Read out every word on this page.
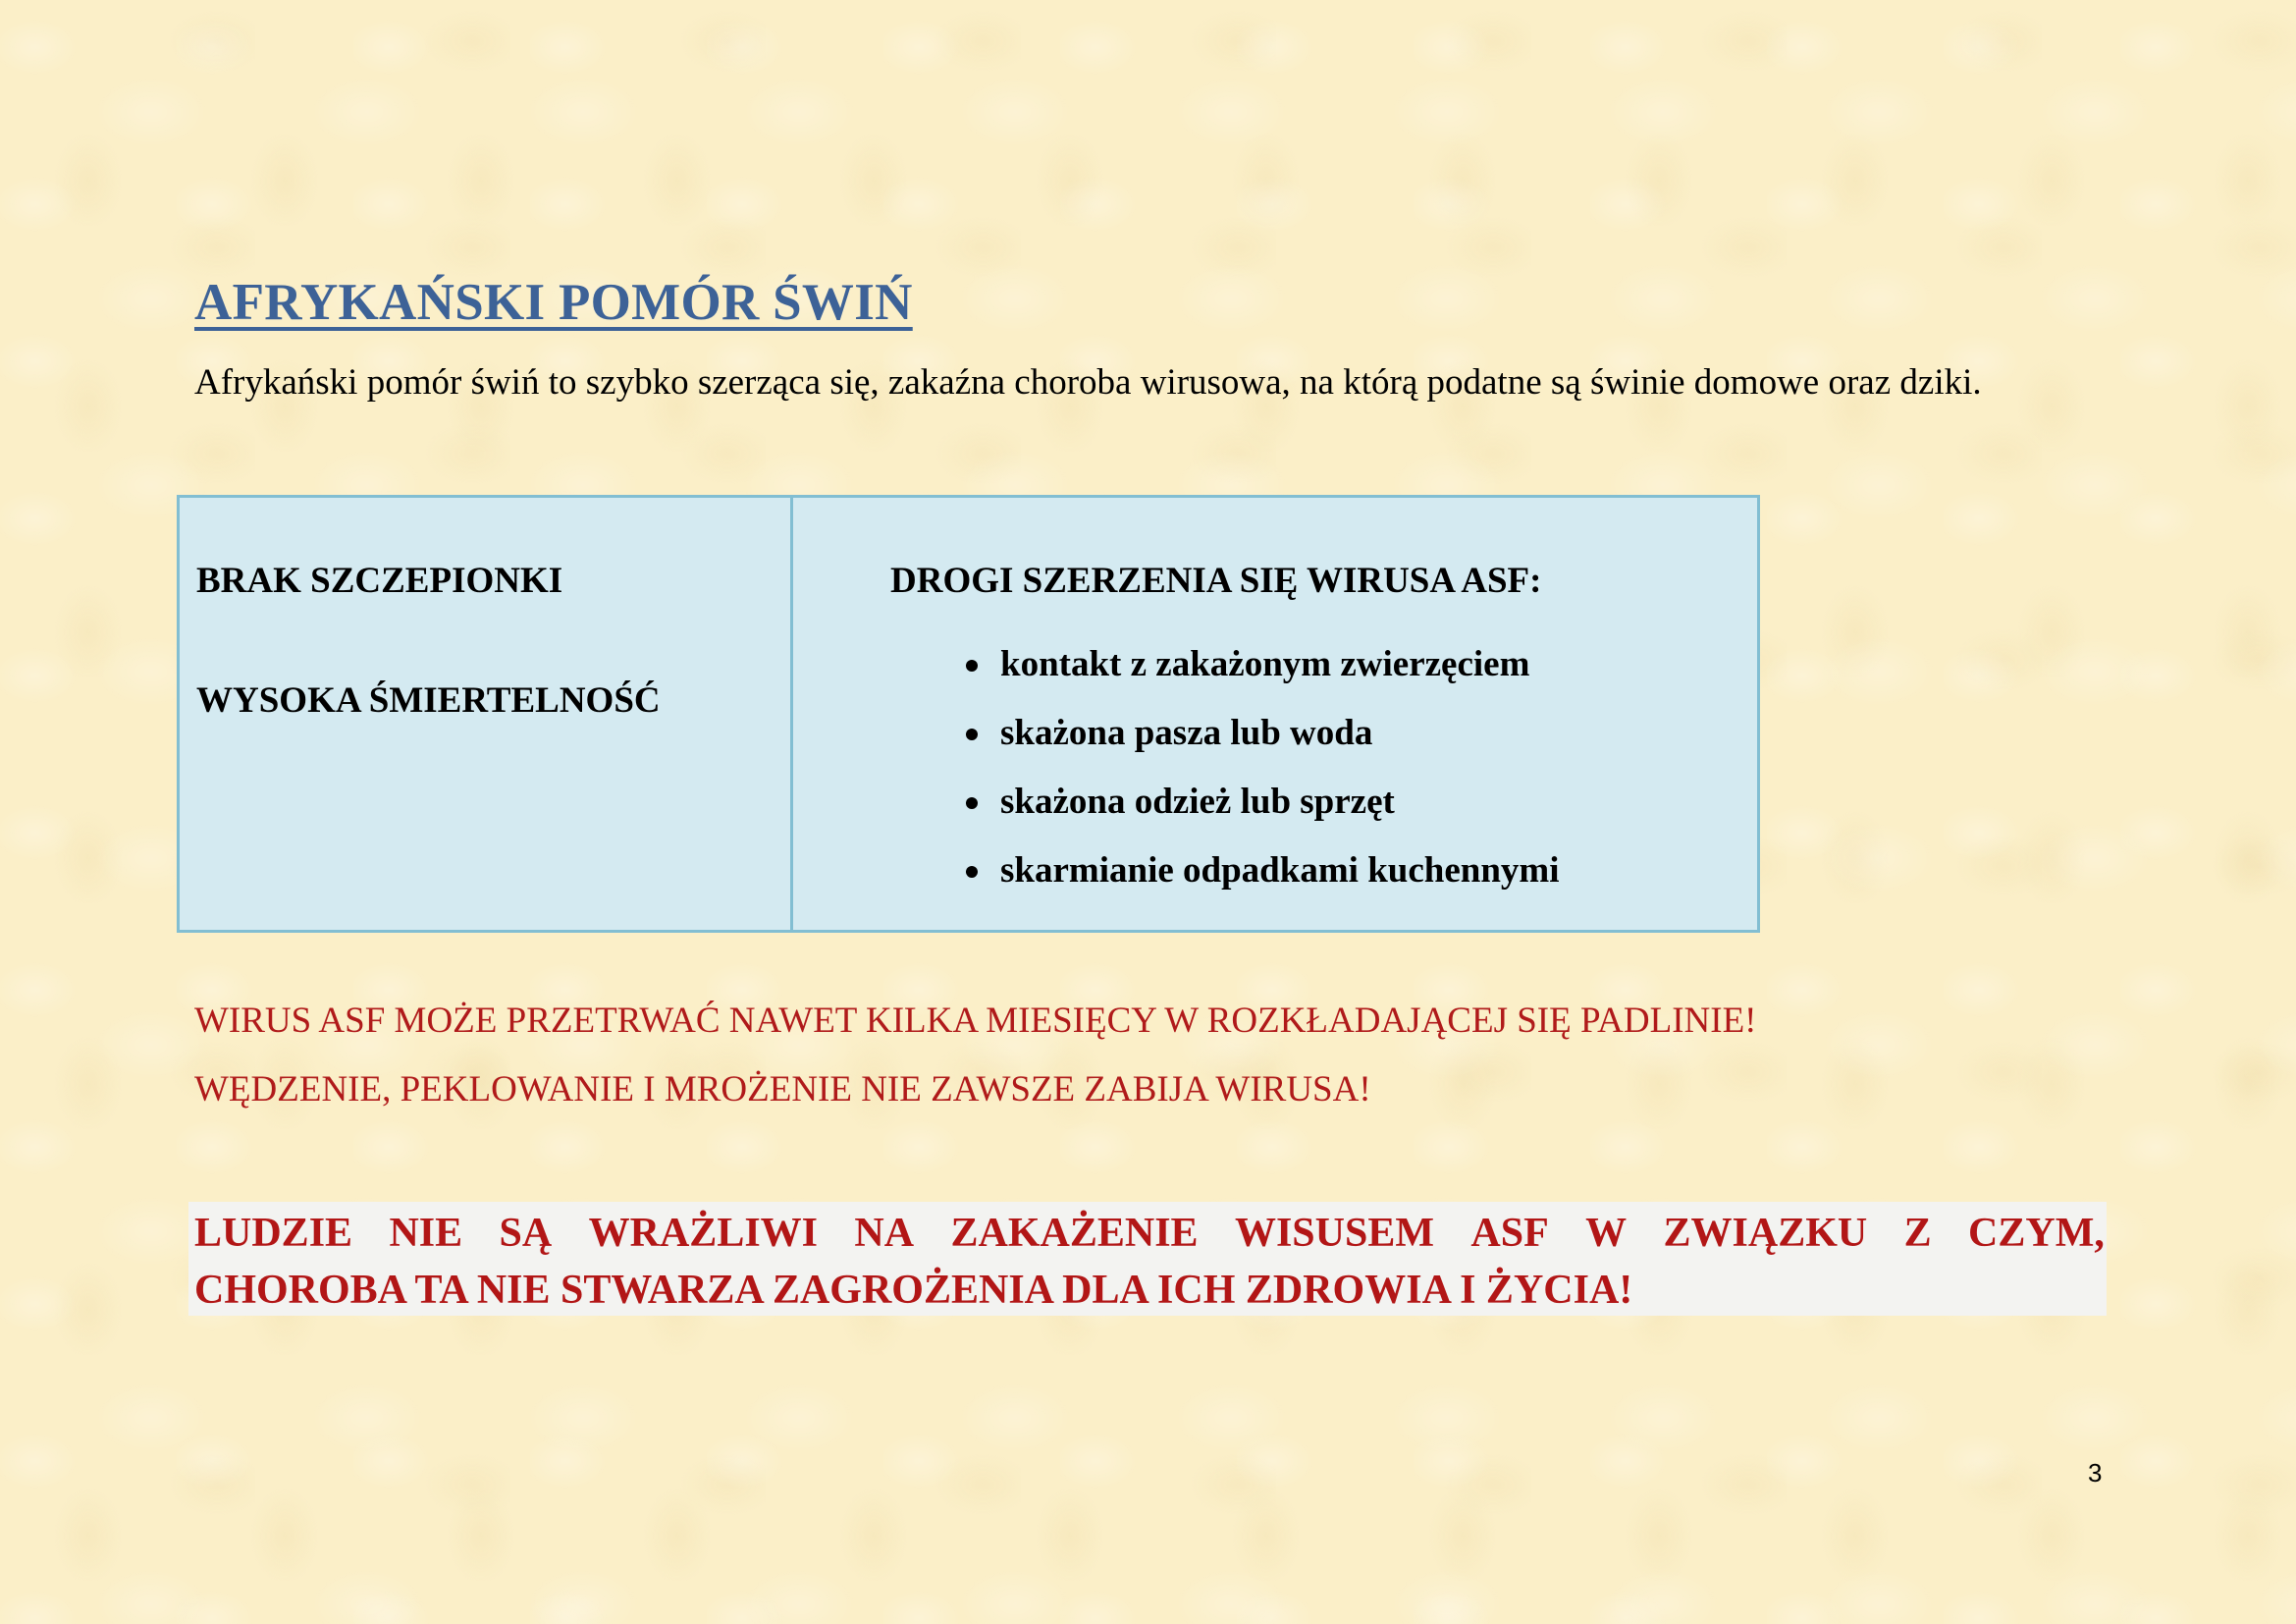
AFRYKAŃSKI POMÓR ŚWIŃ

Afrykański pomór świń to szybko szerząca się, zakaźna choroba wirusowa, na którą podatne są świnie domowe oraz dziki.

BRAK SZCZEPIONKI

WYSOKA ŚMIERTELNOŚĆ

DROGI SZERZENIA SIĘ WIRUSA ASF:

kontakt z zakażonym zwierzęciem
skażona pasza lub woda
skażona odzież lub sprzęt
skarmianie odpadkami kuchennymi

WIRUS ASF MOŻE PRZETRWAĆ NAWET KILKA MIESIĘCY W ROZKŁADAJĄCEJ SIĘ PADLINIE!

WĘDZENIE, PEKLOWANIE I MROŻENIE NIE ZAWSZE ZABIJA WIRUSA!

LUDZIE NIE SĄ WRAŻLIWI NA ZAKAŻENIE WISUSEM ASF W ZWIĄZKU Z CZYM,

CHOROBA TA NIE STWARZA ZAGROŻENIA DLA ICH ZDROWIA I ŻYCIA!

3
